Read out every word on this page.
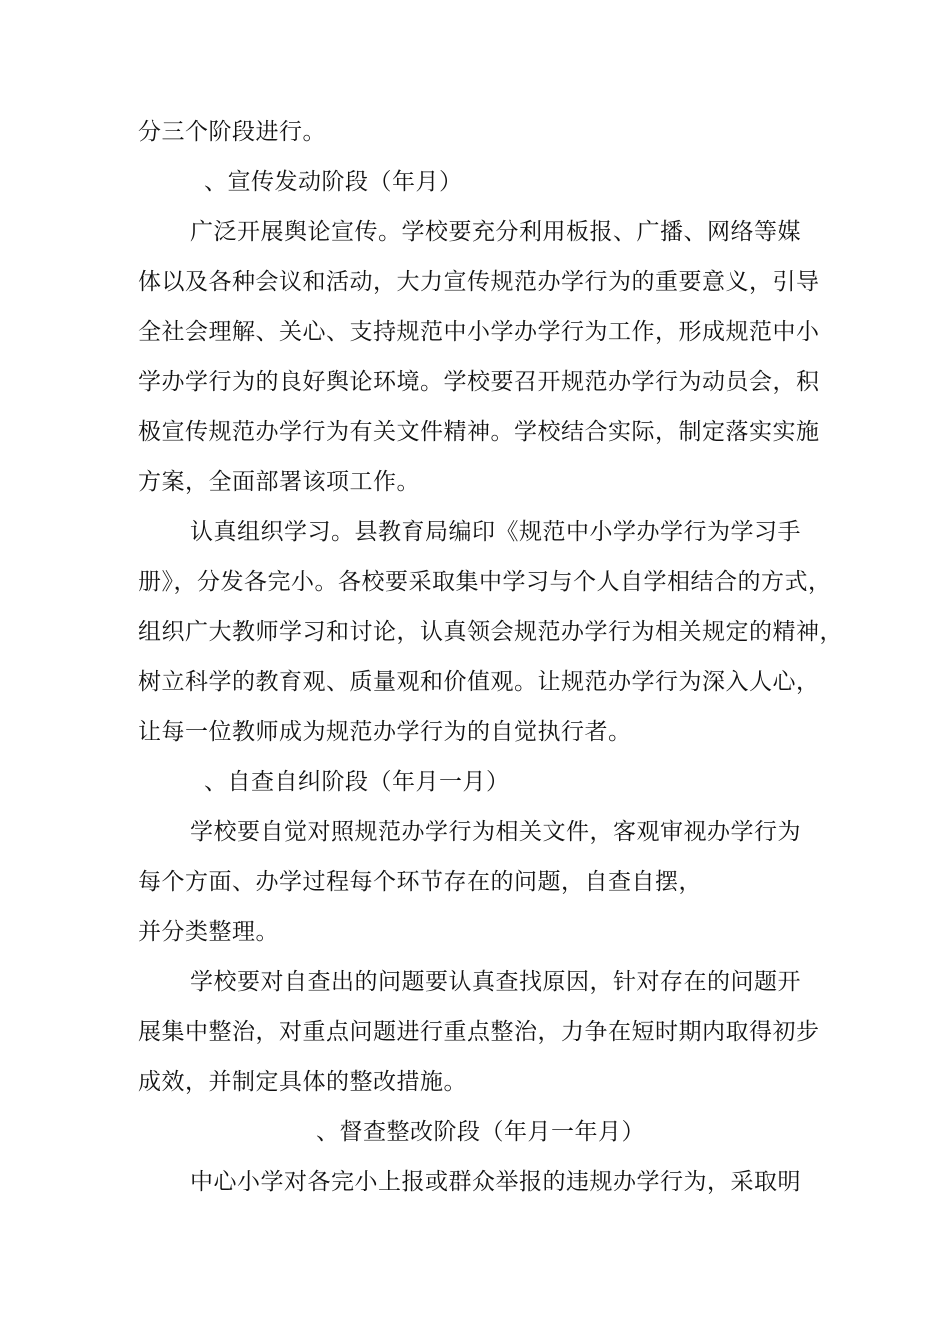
分三个阶段进行。
、宣传发动阶段（年月）
广泛开展舆论宣传。学校要充分利用板报、广播、网络等媒
体以及各种会议和活动，大力宣传规范办学行为的重要意义，引导
全社会理解、关心、支持规范中小学办学行为工作，形成规范中小
学办学行为的良好舆论环境。学校要召开规范办学行为动员会，积
极宣传规范办学行为有关文件精神。学校结合实际，制定落实实施
方案，全面部署该项工作。
认真组织学习。县教育局编印《规范中小学办学行为学习手
册》，分发各完小。各校要采取集中学习与个人自学相结合的方式，
组织广大教师学习和讨论，认真领会规范办学行为相关规定的精神，
树立科学的教育观、质量观和价值观。让规范办学行为深入人心，
让每一位教师成为规范办学行为的自觉执行者。
、自查自纠阶段（年月一月）
学校要自觉对照规范办学行为相关文件，客观审视办学行为
每个方面、办学过程每个环节存在的问题，自查自摆，
并分类整理。
学校要对自查出的问题要认真查找原因，针对存在的问题开
展集中整治，对重点问题进行重点整治，力争在短时期内取得初步
成效，并制定具体的整改措施。
、督查整改阶段（年月一年月）
中心小学对各完小上报或群众举报的违规办学行为，采取明
